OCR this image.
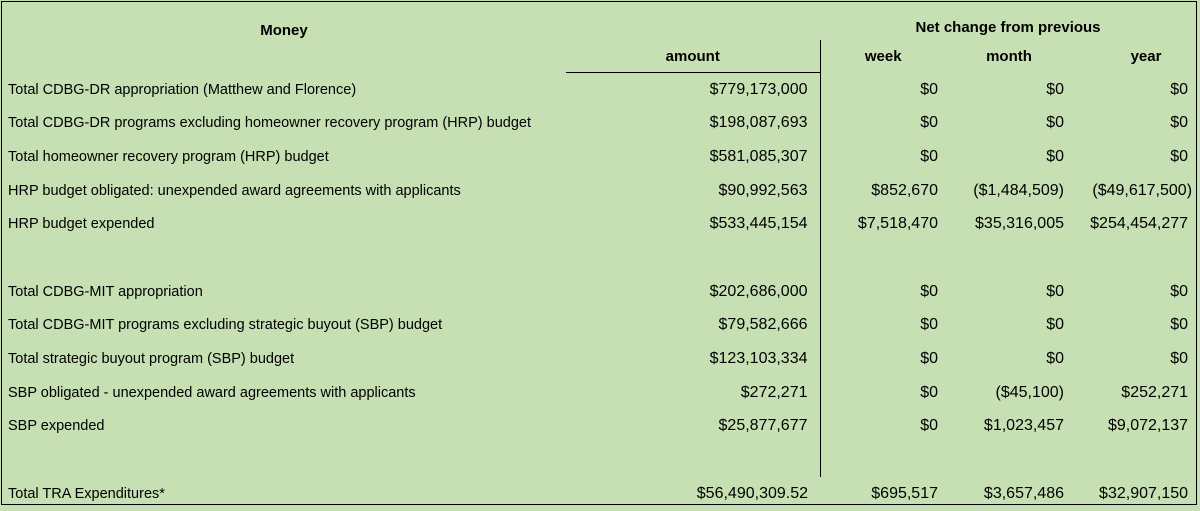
Money		Net change from previous		
	amount	week	month	year
Total CDBG-DR appropriation (Matthew and Florence)	$779,173,000	$0	$0	$0
Total CDBG-DR programs excluding homeowner recovery program (HRP) budget	$198,087,693	$0	$0	$0
Total homeowner recovery program (HRP) budget	$581,085,307	$0	$0	$0
HRP budget obligated: unexpended award agreements with applicants	$90,992,563	$852,670	($1,484,509)	($49,617,500)
HRP budget expended	$533,445,154	$7,518,470	$35,316,005	$254,454,277

Total CDBG-MIT appropriation	$202,686,000	$0	$0	$0
Total CDBG-MIT programs excluding strategic buyout (SBP) budget	$79,582,666	$0	$0	$0
Total strategic buyout program (SBP) budget	$123,103,334	$0	$0	$0
SBP obligated - unexpended award agreements with applicants	$272,271	$0	($45,100)	$252,271
SBP expended	$25,877,677	$0	$1,023,457	$9,072,137

Total TRA Expenditures*	$56,490,309.52	$695,517	$3,657,486	$32,907,150
